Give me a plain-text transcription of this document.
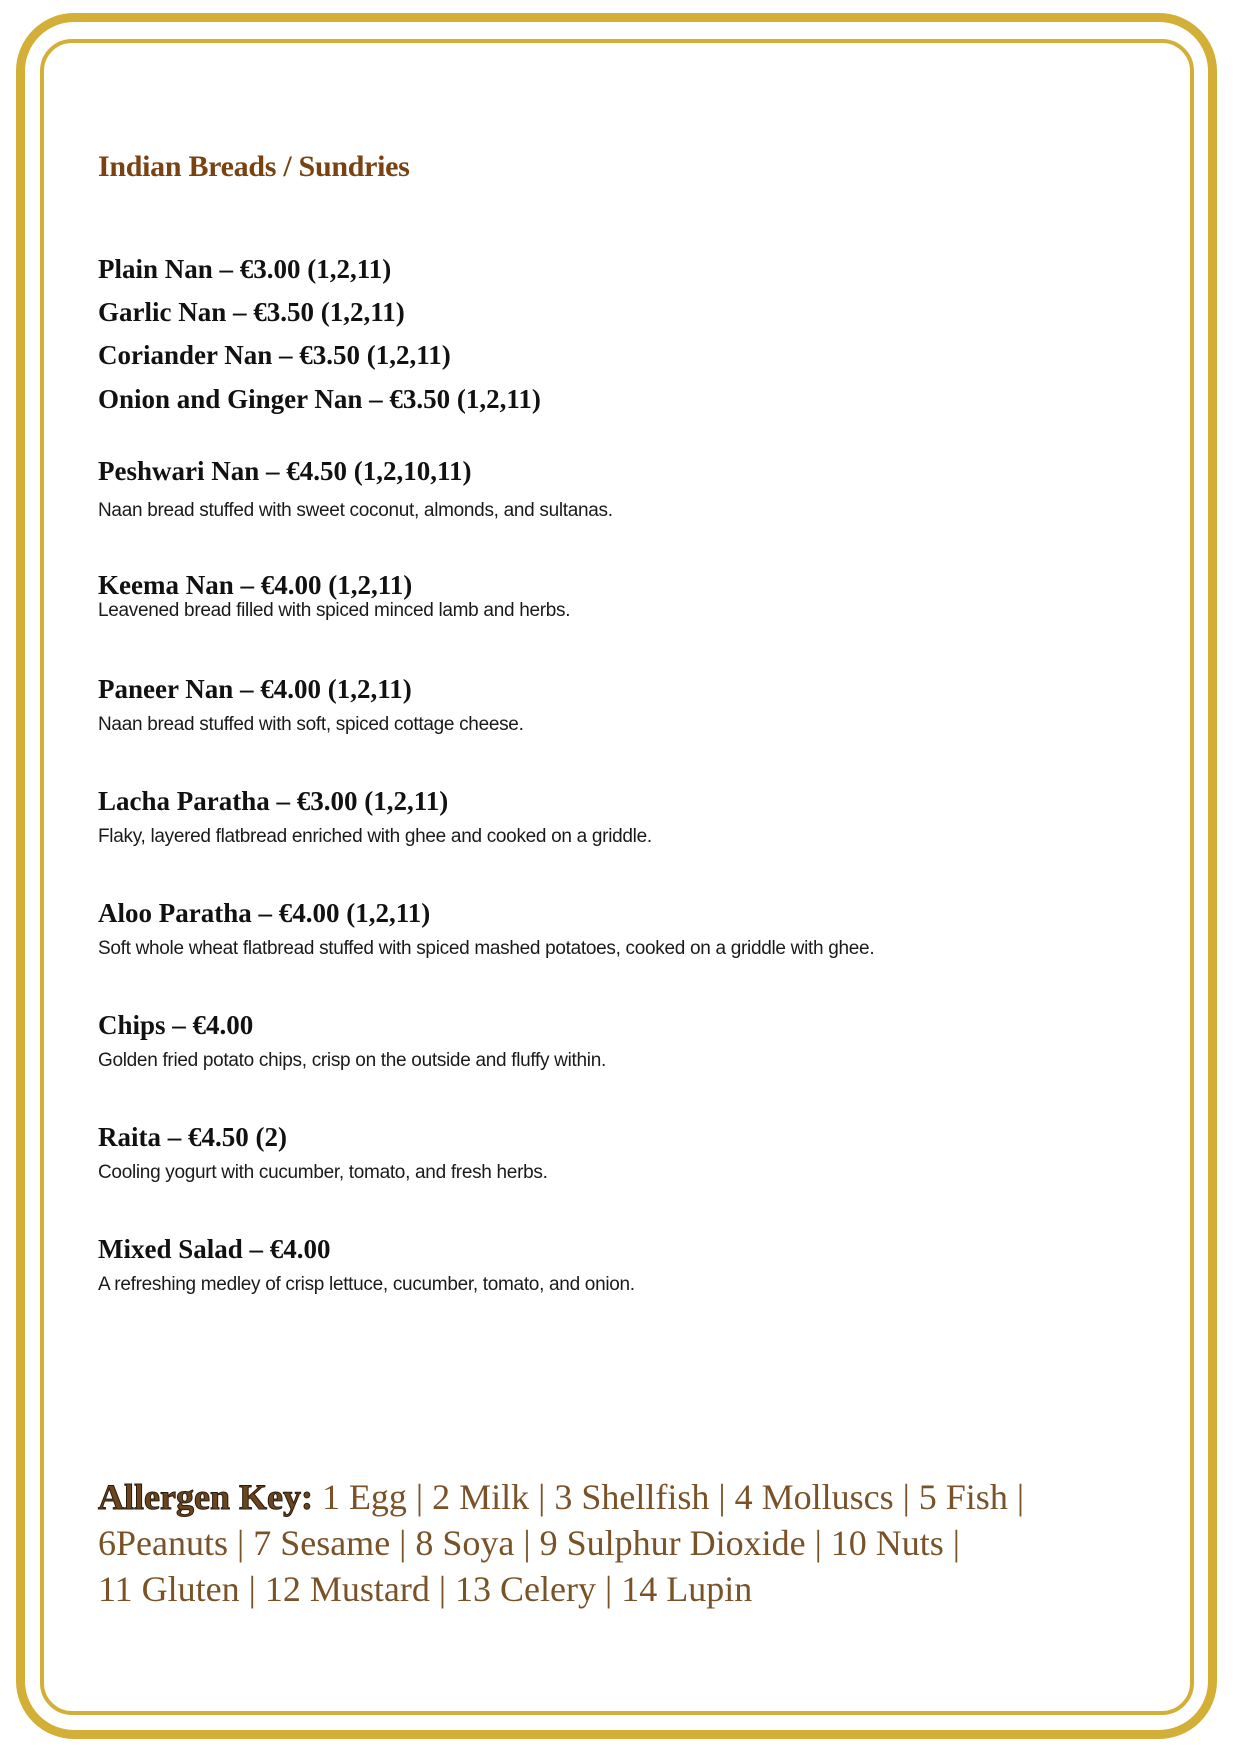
Indian Breads / Sundries
Plain Nan – €3.00 (1,2,11)
Garlic Nan – €3.50 (1,2,11)
Coriander Nan – €3.50 (1,2,11)
Onion and Ginger Nan – €3.50 (1,2,11)
Peshwari Nan – €4.50 (1,2,10,11)
Naan bread stuffed with sweet coconut, almonds, and sultanas.
Keema Nan – €4.00 (1,2,11)
Leavened bread filled with spiced minced lamb and herbs.
Paneer Nan – €4.00 (1,2,11)
Naan bread stuffed with soft, spiced cottage cheese.
Lacha Paratha – €3.00 (1,2,11)
Flaky, layered flatbread enriched with ghee and cooked on a griddle.
Aloo Paratha – €4.00 (1,2,11)
Soft whole wheat flatbread stuffed with spiced mashed potatoes, cooked on a griddle with ghee.
Chips – €4.00
Golden fried potato chips, crisp on the outside and fluffy within.
Raita – €4.50 (2)
Cooling yogurt with cucumber, tomato, and fresh herbs.
Mixed Salad – €4.00
A refreshing medley of crisp lettuce, cucumber, tomato, and onion.
Allergen Key: 1 Egg | 2 Milk | 3 Shellfish | 4 Molluscs | 5 Fish |
6Peanuts | 7 Sesame | 8 Soya | 9 Sulphur Dioxide | 10 Nuts |
11 Gluten | 12 Mustard | 13 Celery | 14 Lupin
